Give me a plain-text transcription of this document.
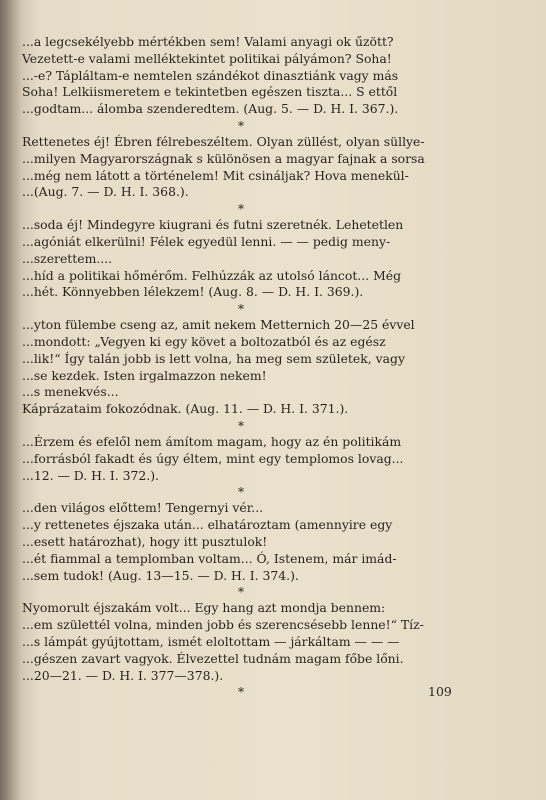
...a legcsekélyebb mértékben sem! Valami anyagi ok űzött?
Vezetett-e valami melléktekintet politikai pályámon? Soha!
...-e? Tápláltam-e nemtelen szándékot dinasztiánk vagy más
Soha! Lelkiismeretem e tekintetben egészen tiszta... S ettől
...godtam... álomba szenderedtem. (Aug. 5. — D. H. I. 367.).
*
Rettenetes éj! Ébren félrebeszéltem. Olyan züllést, olyan süllye-
...milyen Magyarországnak s különösen a magyar fajnak a sorsa
...még nem látott a történelem! Mit csináljak? Hova menekül-
...(Aug. 7. — D. H. I. 368.).
*
...soda éj! Mindegyre kiugrani és futni szeretnék. Lehetetlen
...agóniát elkerülni! Félek egyedül lenni. — — pedig meny-
...szerettem....
...híd a politikai hőmérőm. Felhúzzák az utolsó láncot... Még
...hét. Könnyebben lélekzem! (Aug. 8. — D. H. I. 369.).
*
...yton fülembe cseng az, amit nekem Metternich 20—25 évvel
...mondott: „Vegyen ki egy követ a boltozatból és az egész
...lik!“ Így talán jobb is lett volna, ha meg sem születek, vagy
...se kezdek. Isten irgalmazzon nekem!
...s menekvés...
Káprázataim fokozódnak. (Aug. 11. — D. H. I. 371.).
*
...Érzem és efelől nem ámítom magam, hogy az én politikám
...forrásból fakadt és úgy éltem, mint egy templomos lovag...
...12. — D. H. I. 372.).
*
...den világos előttem! Tengernyi vér...
...y rettenetes éjszaka után... elhatároztam (amennyire egy
...esett határozhat), hogy itt pusztulok!
...ét fiammal a templomban voltam... Ó, Istenem, már imád-
...sem tudok! (Aug. 13—15. — D. H. I. 374.).
*
Nyomorult éjszakám volt... Egy hang azt mondja bennem:
...em születtél volna, minden jobb és szerencsésebb lenne!“ Tíz-
...s lámpát gyújtottam, ismét eloltottam — járkáltam — — —
...gészen zavart vagyok. Élvezettel tudnám magam főbe lőni.
...20—21. — D. H. I. 377—378.).
*	109
